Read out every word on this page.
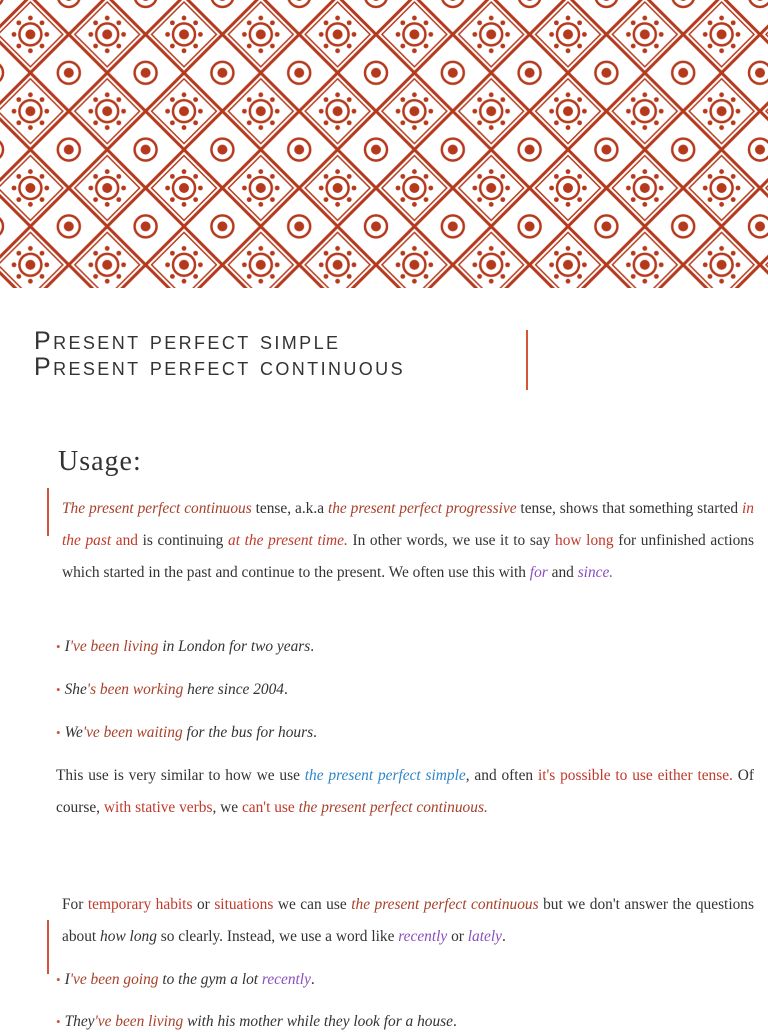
Present perfect simple
Present perfect continuous
Usage:
The present perfect continuous tense, a.k.a the present perfect progressive tense, shows that something started in the past and is continuing at the present time. In other words, we use it to say how long for unfinished actions which started in the past and continue to the present. We often use this with for and since.
• I've been living in London for two years.
• She's been working here since 2004.
• We've been waiting for the bus for hours.
This use is very similar to how we use the present perfect simple, and often it's possible to use either tense. Of course, with stative verbs, we can't use the present perfect continuous.
For temporary habits or situations we can use the present perfect continuous but we don't answer the questions about how long so clearly. Instead, we use a word like recently or lately.
• I've been going to the gym a lot recently.
• They've been living with his mother while they look for a house.
